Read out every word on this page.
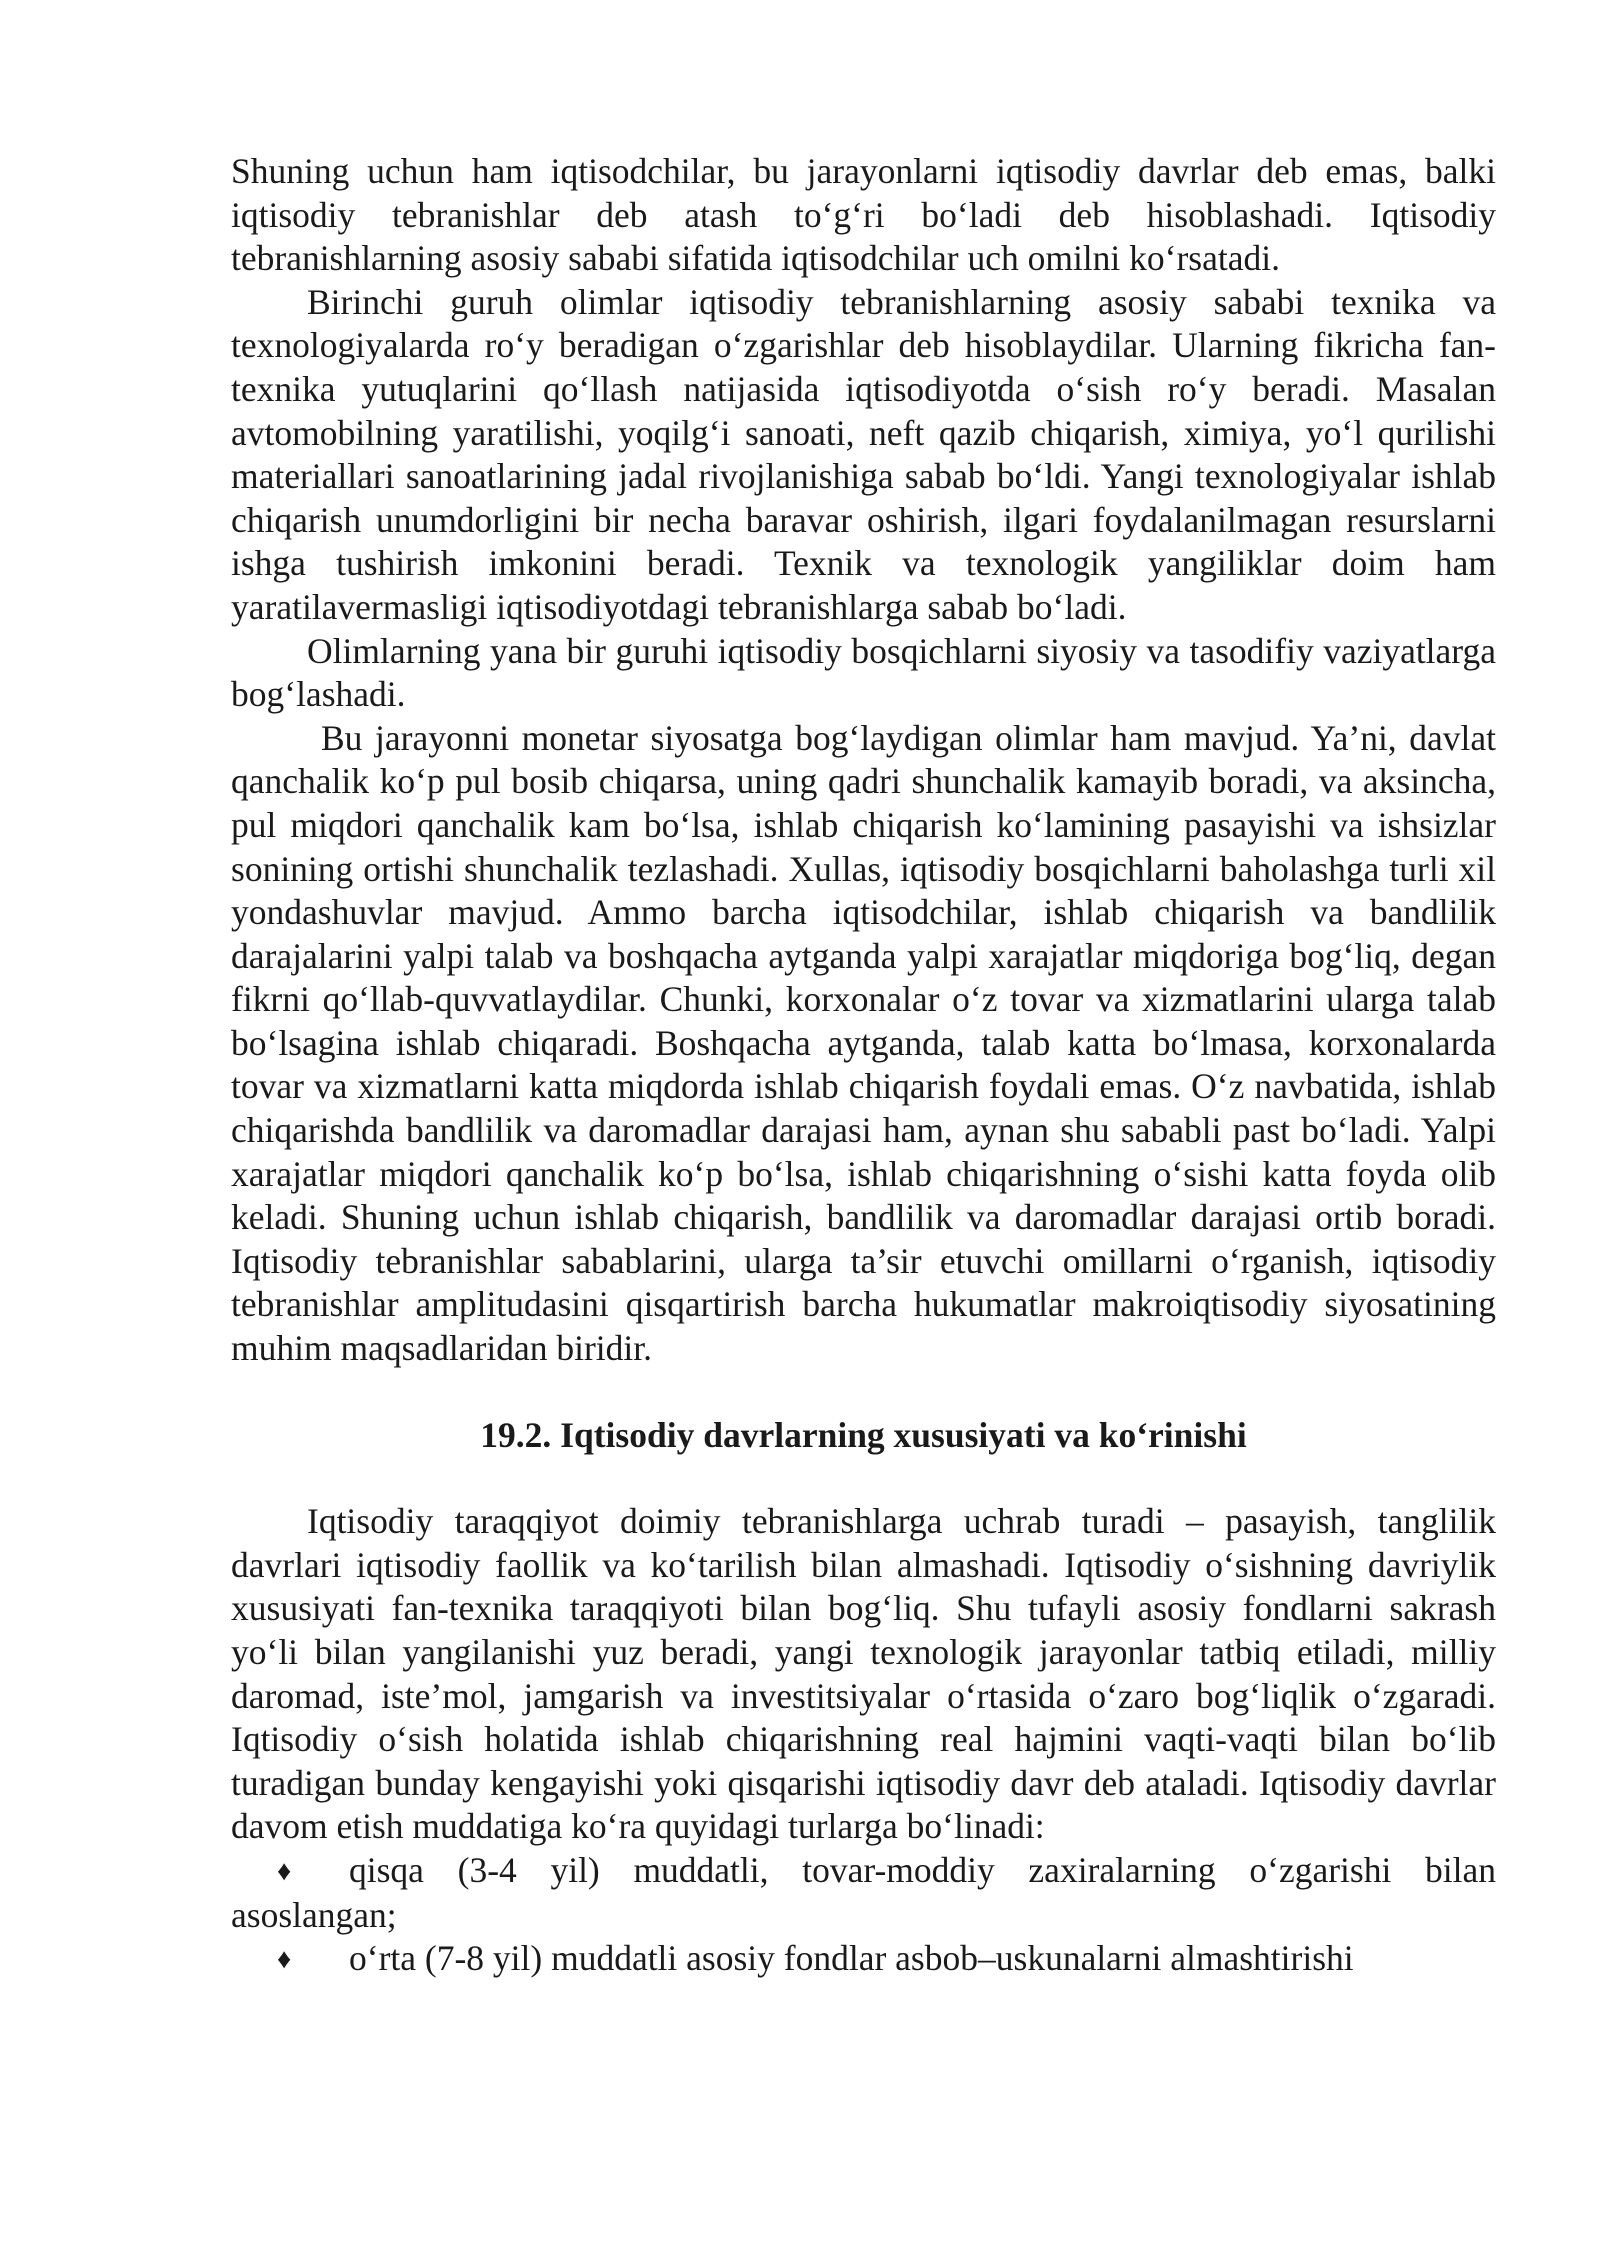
Shuning uchun ham iqtisodchilar, bu jarayonlarni iqtisodiy davrlar deb emas, balki iqtisodiy tebranishlar deb atash to‘g‘ri bo‘ladi deb hisoblashadi. Iqtisodiy tebranishlarning asosiy sababi sifatida iqtisodchilar uch omilni ko‘rsatadi.

Birinchi guruh olimlar iqtisodiy tebranishlarning asosiy sababi texnika va texnologiyalarda ro‘y beradigan o‘zgarishlar deb hisoblaydilar. Ularning fikricha fan-texnika yutuqlarini qo‘llash natijasida iqtisodiyotda o‘sish ro‘y beradi. Masalan avtomobilning yaratilishi, yoqilg‘i sanoati, neft qazib chiqarish, ximiya, yo‘l qurilishi materiallari sanoatlarining jadal rivojlanishiga sabab bo‘ldi. Yangi texnologiyalar ishlab chiqarish unumdorligini bir necha baravar oshirish, ilgari foydalanilmagan resurslarni ishga tushirish imkonini beradi. Texnik va texnologik yangiliklar doim ham yaratilavermasligi iqtisodiyotdagi tebranishlarga sabab bo‘ladi.

Olimlarning yana bir guruhi iqtisodiy bosqichlarni siyosiy va tasodifiy vaziyatlarga bog‘lashadi.

Bu jarayonni monetar siyosatga bog‘laydigan olimlar ham mavjud. Ya’ni, davlat qanchalik ko‘p pul bosib chiqarsa, uning qadri shunchalik kamayib boradi, va aksincha, pul miqdori qanchalik kam bo‘lsa, ishlab chiqarish ko‘lamining pasayishi va ishsizlar sonining ortishi shunchalik tezlashadi. Xullas, iqtisodiy bosqichlarni baholashga turli xil yondashuvlar mavjud. Ammo barcha iqtisodchilar, ishlab chiqarish va bandlilik darajalarini yalpi talab va boshqacha aytganda yalpi xarajatlar miqdoriga bog‘liq, degan fikrni qo‘llab-quvvatlaydilar. Chunki, korxonalar o‘z tovar va xizmatlarini ularga talab bo‘lsagina ishlab chiqaradi. Boshqacha aytganda, talab katta bo‘lmasa, korxonalarda tovar va xizmatlarni katta miqdorda ishlab chiqarish foydali emas. O‘z navbatida, ishlab chiqarishda bandlilik va daromadlar darajasi ham, aynan shu sababli past bo‘ladi. Yalpi xarajatlar miqdori qanchalik ko‘p bo‘lsa, ishlab chiqarishning o‘sishi katta foyda olib keladi. Shuning uchun ishlab chiqarish, bandlilik va daromadlar darajasi ortib boradi. Iqtisodiy tebranishlar sabablarini, ularga ta’sir etuvchi omillarni o‘rganish, iqtisodiy tebranishlar amplitudasini qisqartirish barcha hukumatlar makroiqtisodiy siyosatining muhim maqsadlaridan biridir.

19.2. Iqtisodiy davrlarning xususiyati va ko‘rinishi

Iqtisodiy taraqqiyot doimiy tebranishlarga uchrab turadi – pasayish, tanglilik davrlari iqtisodiy faollik va ko‘tarilish bilan almashadi. Iqtisodiy o‘sishning davriylik xususiyati fan-texnika taraqqiyoti bilan bog‘liq. Shu tufayli asosiy fondlarni sakrash yo‘li bilan yangilanishi yuz beradi, yangi texnologik jarayonlar tatbiq etiladi, milliy daromad, iste’mol, jamgarish va investitsiyalar o‘rtasida o‘zaro bog‘liqlik o‘zgaradi. Iqtisodiy o‘sish holatida ishlab chiqarishning real hajmini vaqti-vaqti bilan bo‘lib turadigan bunday kengayishi yoki qisqarishi iqtisodiy davr deb ataladi. Iqtisodiy davrlar davom etish muddatiga ko‘ra quyidagi turlarga bo‘linadi:

♦ qisqa (3-4 yil) muddatli, tovar-moddiy zaxiralarning o‘zgarishi bilan asoslangan;

♦ o‘rta (7-8 yil) muddatli asosiy fondlar asbob–uskunalarni almashtirishi
